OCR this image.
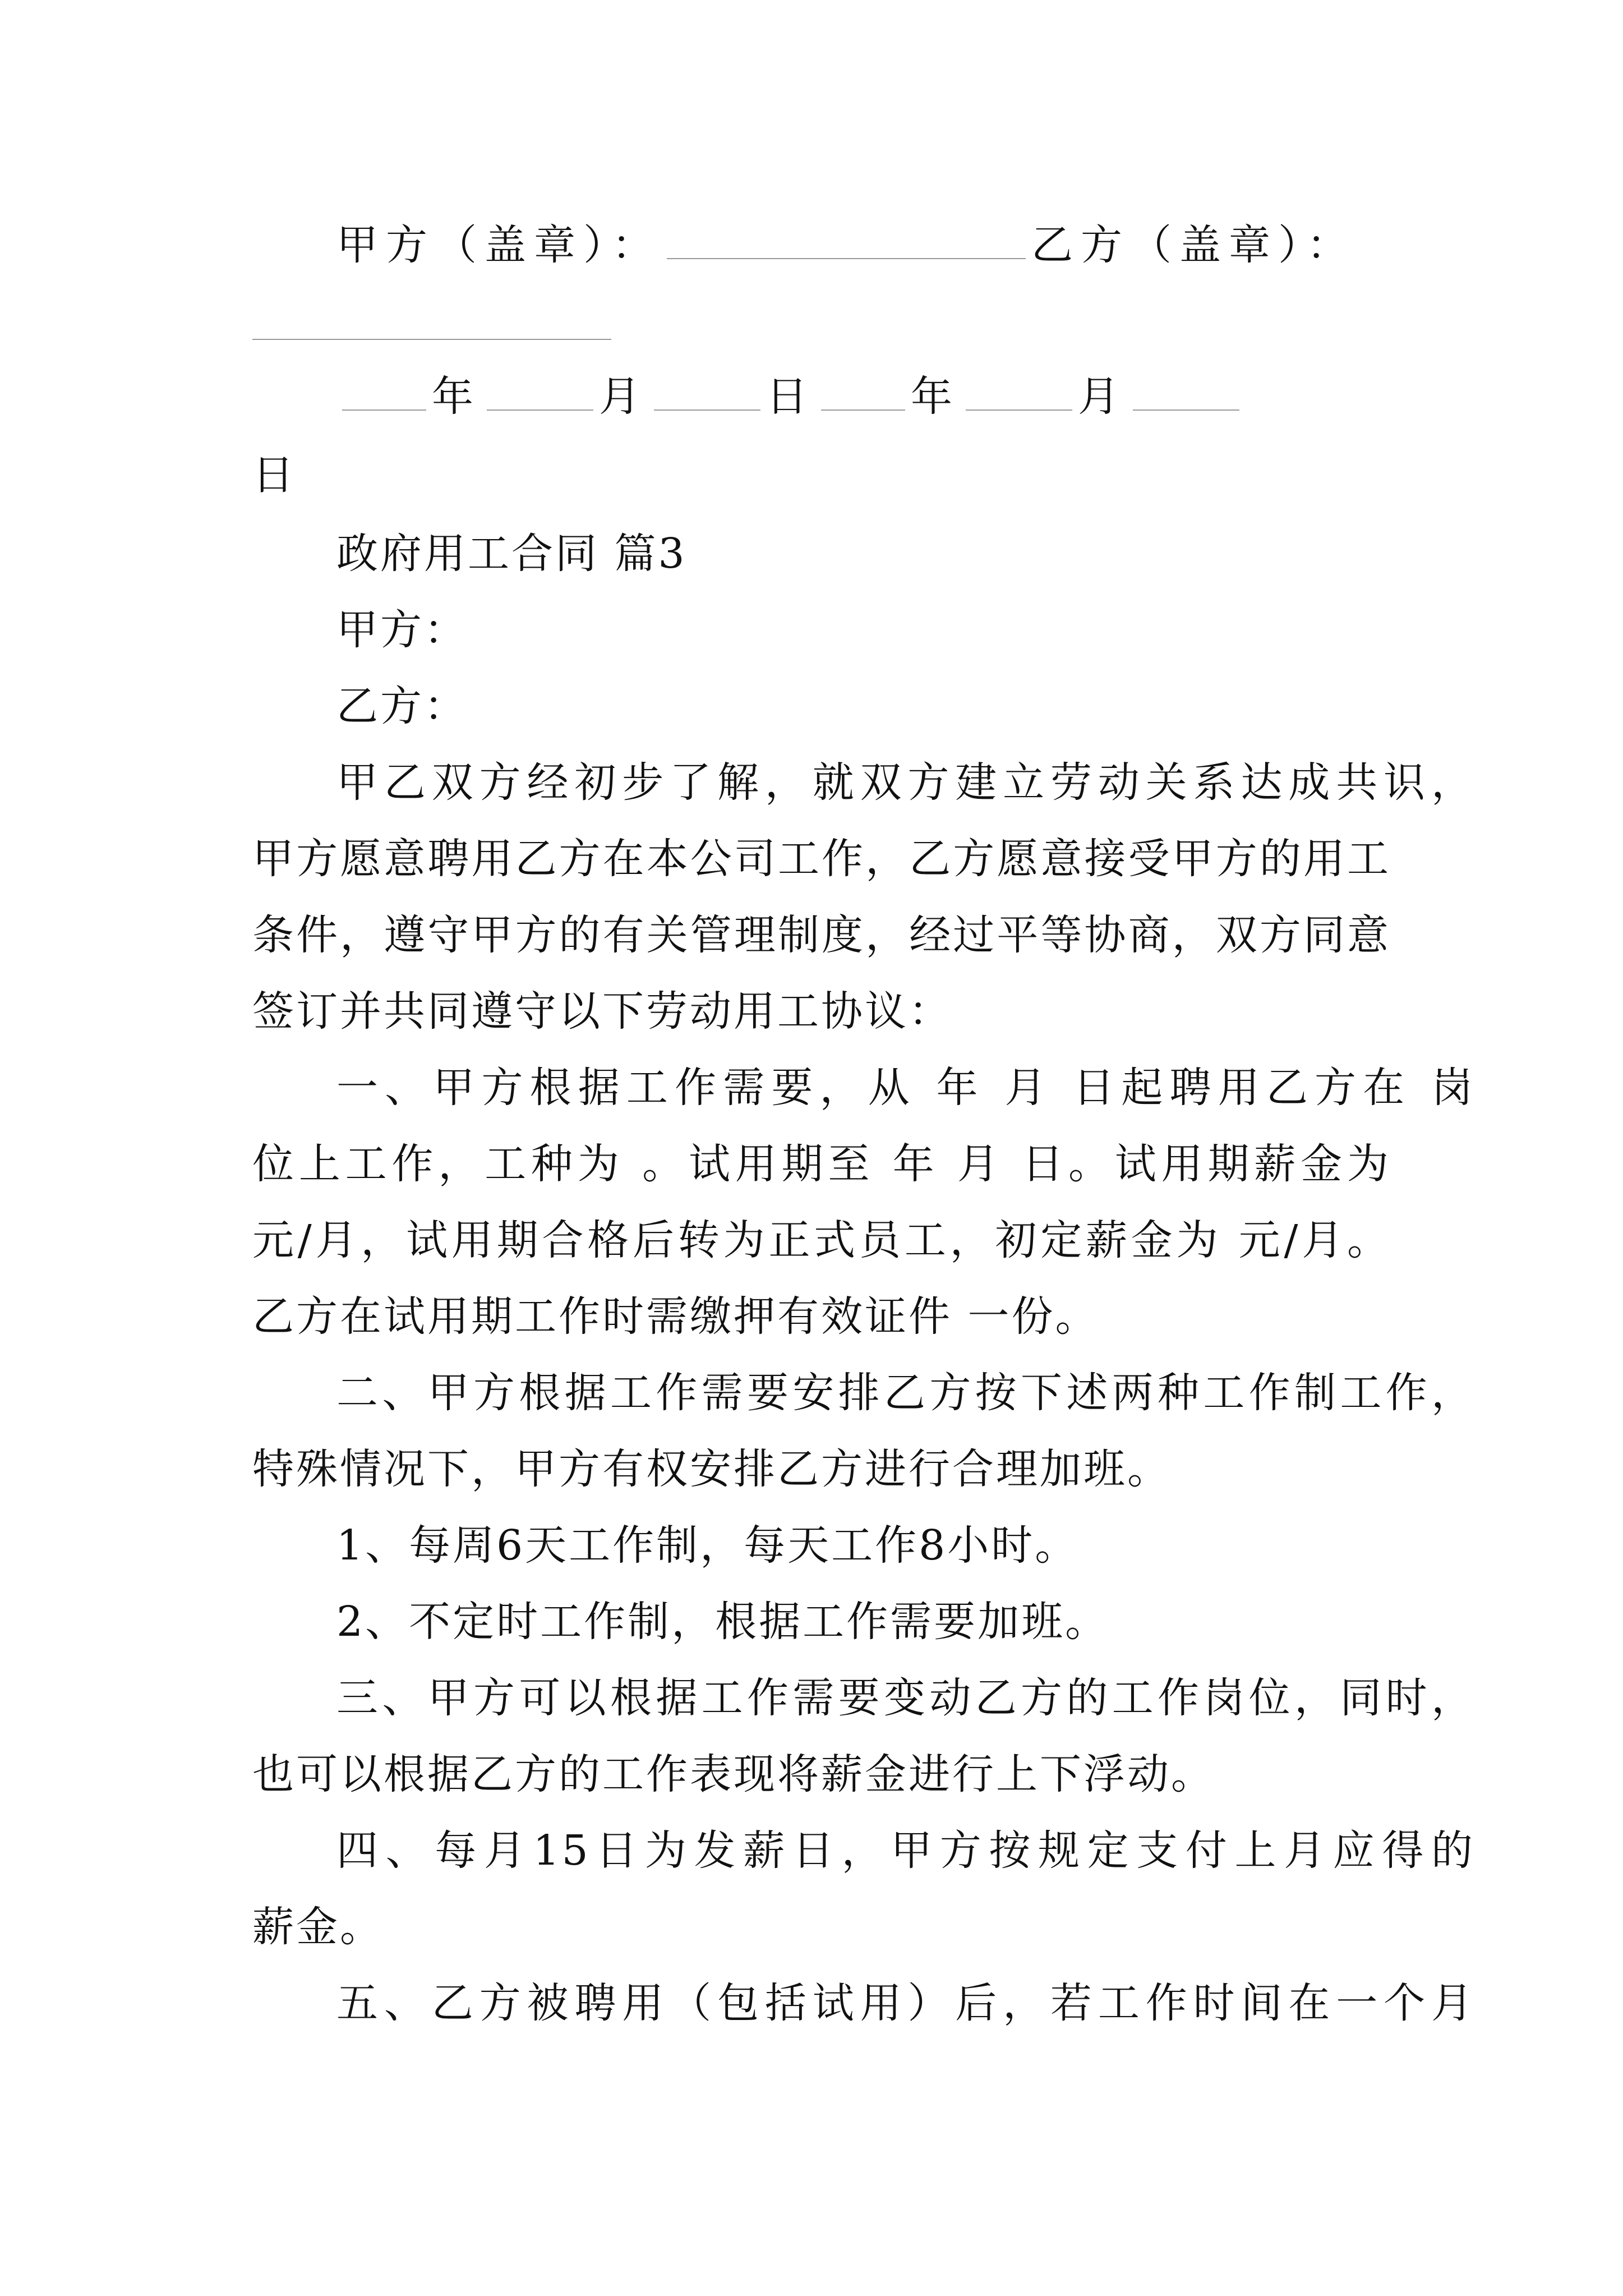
甲方（盖章）：	乙方（盖章）：
年	月	日 年	月
日
政府用工合同 篇3
甲方：
乙方：
甲乙双方经初步了解，就双方建立劳动关系达成共识，
甲方愿意聘用乙方在本公司工作，乙方愿意接受甲方的用工
条件，遵守甲方的有关管理制度，经过平等协商，双方同意
签订并共同遵守以下劳动用工协议：
一、甲方根据工作需要，从 年 月 日起聘用乙方在 岗
位上工作，工种为 。试用期至 年 月 日。试用期薪金为
元/月，试用期合格后转为正式员工，初定薪金为 元/月。
乙方在试用期工作时需缴押有效证件 一份。
二、甲方根据工作需要安排乙方按下述两种工作制工作，
特殊情况下，甲方有权安排乙方进行合理加班。
1、每周6天工作制，每天工作8小时。
2、不定时工作制，根据工作需要加班。
三、甲方可以根据工作需要变动乙方的工作岗位，同时，
也可以根据乙方的工作表现将薪金进行上下浮动。
四、每月15日为发薪日，甲方按规定支付上月应得的
薪金。
五、乙方被聘用（包括试用）后，若工作时间在一个月
